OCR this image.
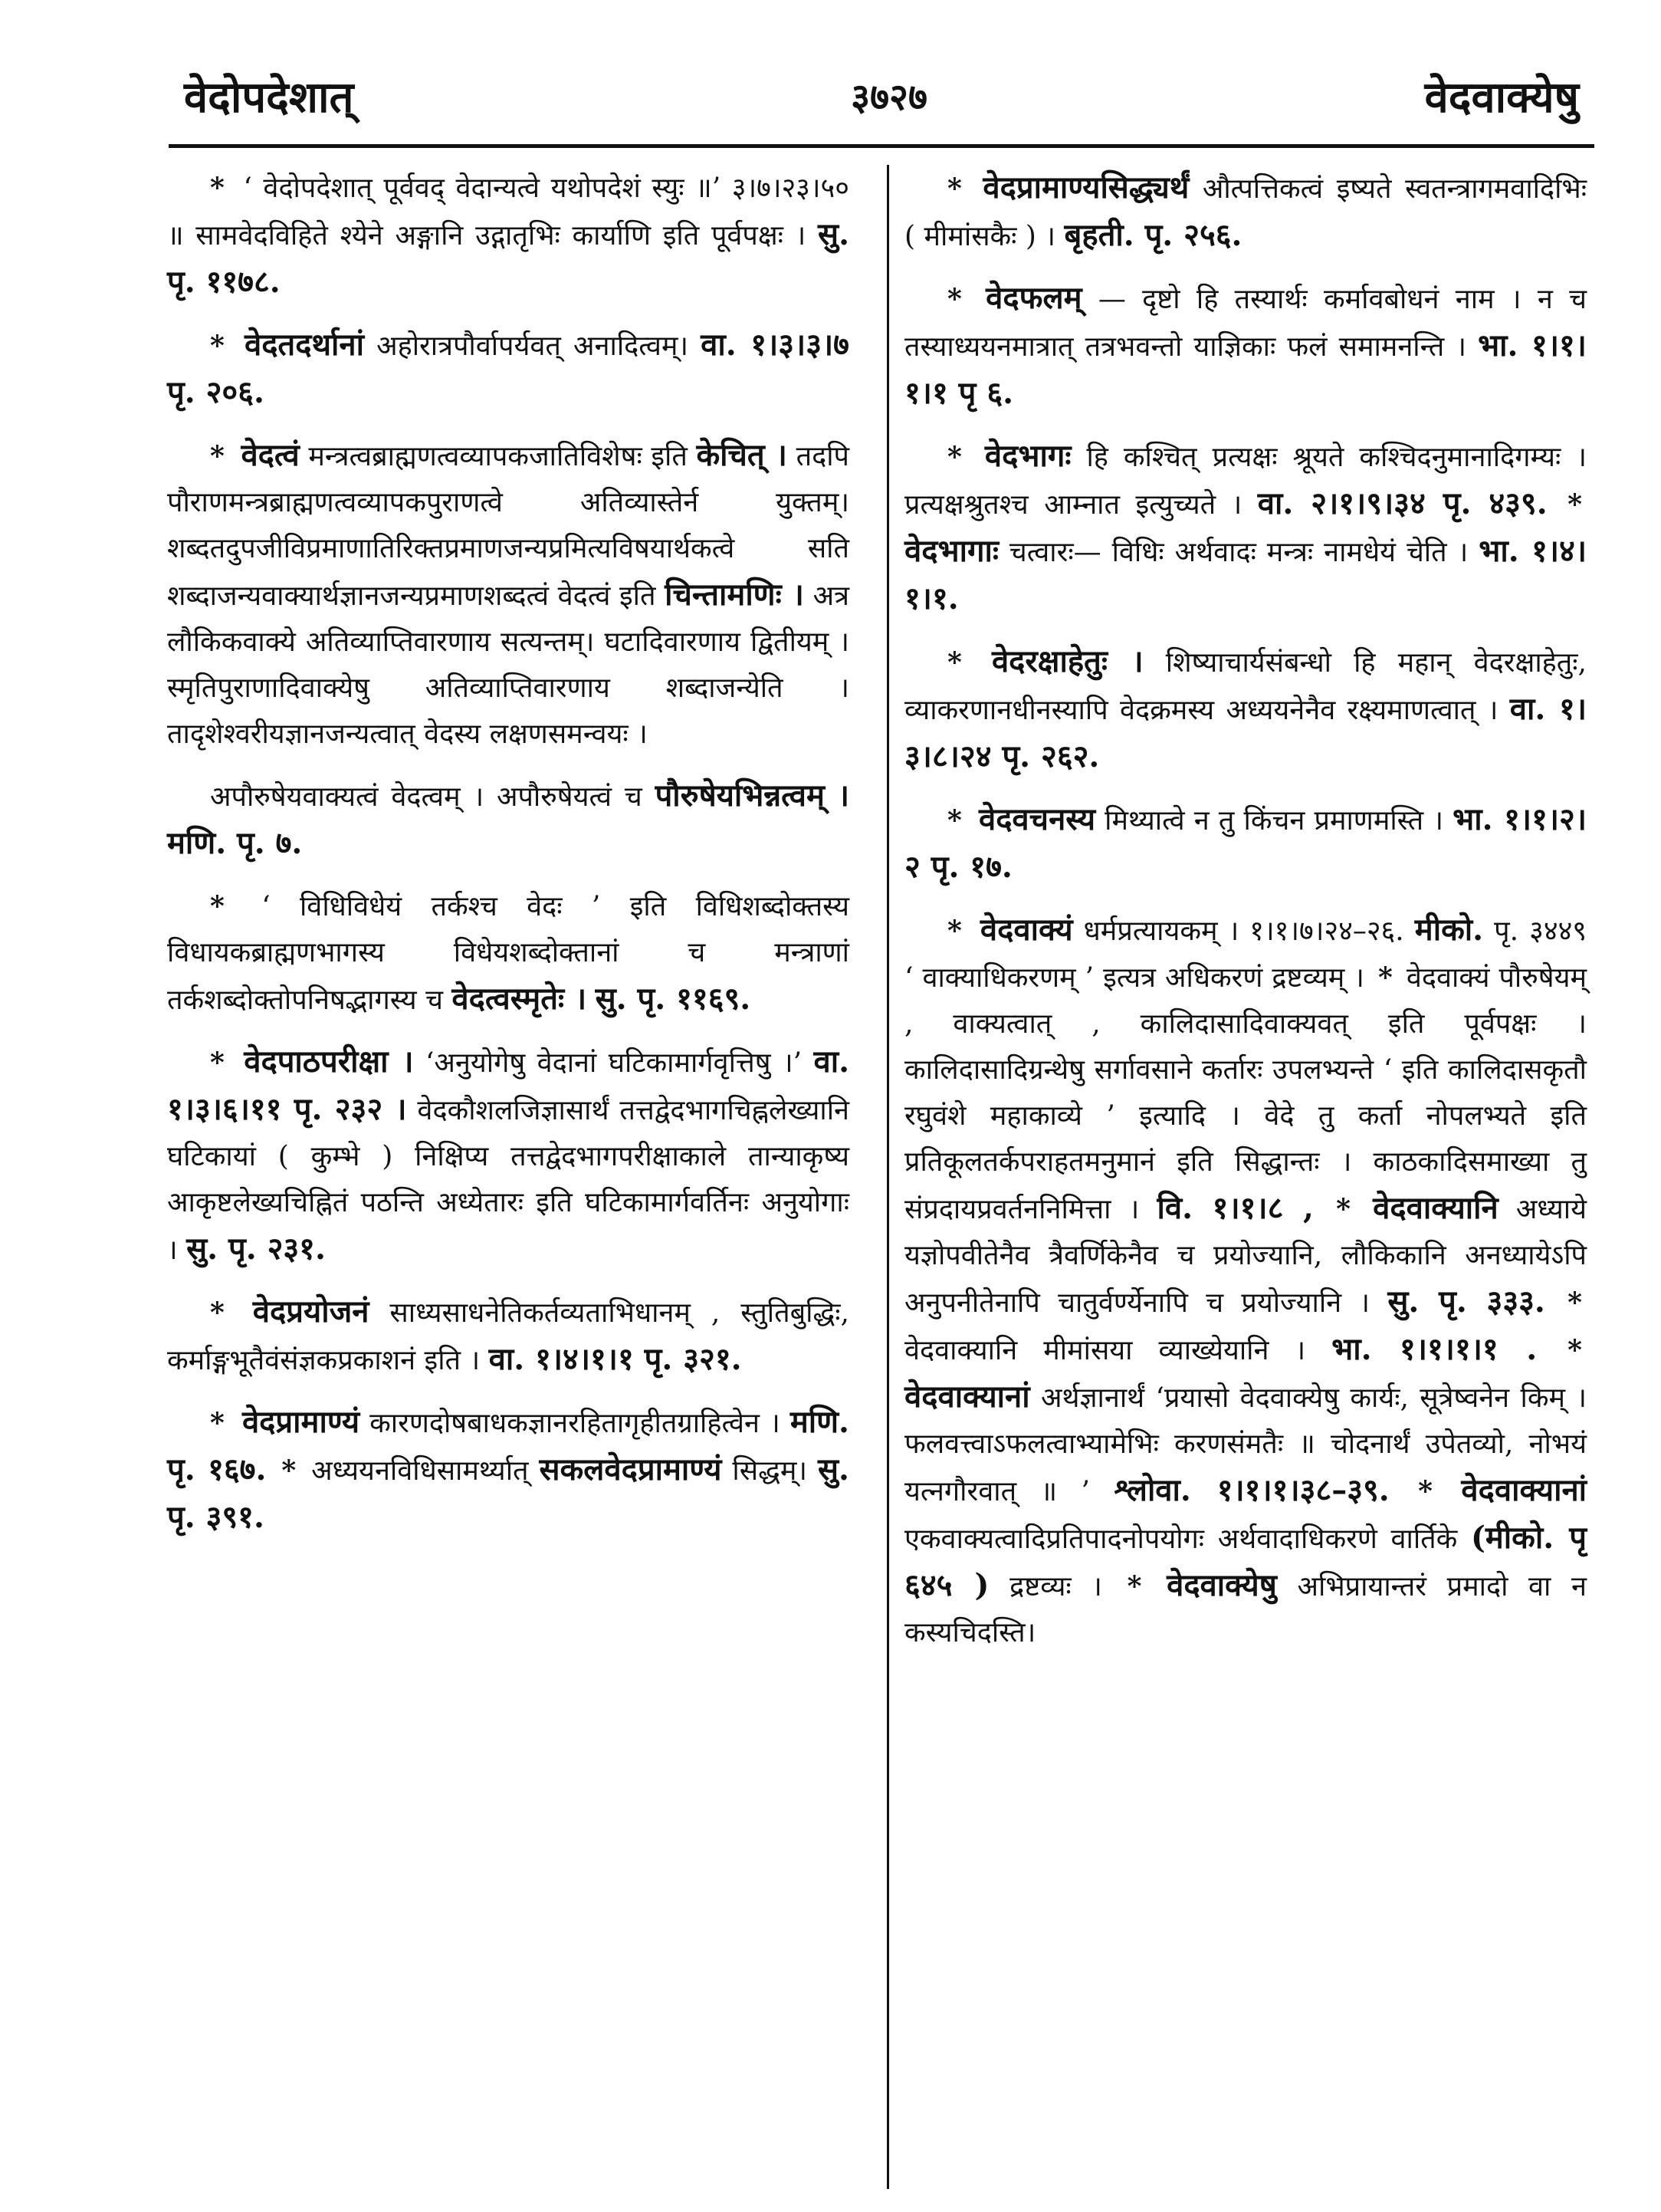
वेदोपदेशात्	३७२७	वेदवाक्येषु

* ‘ वेदोपदेशात् पूर्ववद् वेदान्यत्वे यथोपदेशं स्युः ॥’ ३।७।२३।५० ॥ सामवेदविहिते श्येने अङ्गानि उद्गातृभिः कार्याणि इति पूर्वपक्षः । सु. पृ. ११७८.

* वेदतदर्थानां अहोरात्रपौर्वापर्यवत् अनादित्वम्। वा. १।३।३।७ पृ. २०६.

* वेदत्वं मन्त्रत्वब्राह्मणत्वव्यापकजातिविशेषः इति केचित् । तदपि पौराणमन्त्रब्राह्मणत्वव्यापकपुराणत्वे अतिव्यास्तेर्न युक्तम्। शब्दतदुपजीविप्रमाणातिरिक्तप्रमाणजन्यप्रमित्यविषयार्थकत्वे सति शब्दाजन्यवाक्यार्थज्ञानजन्यप्रमाणशब्दत्वं वेदत्वं इति चिन्तामणिः । अत्र लौकिकवाक्ये अतिव्याप्तिवारणाय सत्यन्तम्। घटादिवारणाय द्वितीयम् । स्मृतिपुराणादिवाक्येषु अतिव्याप्तिवारणाय शब्दाजन्येति । तादृशेश्वरीयज्ञानजन्यत्वात् वेदस्य लक्षणसमन्वयः ।

अपौरुषेयवाक्यत्वं वेदत्वम् । अपौरुषेयत्वं च पौरुषेयभिन्नत्वम् । मणि. पृ. ७.

* ‘ विधिविधेयं तर्कश्च वेदः ’ इति विधिशब्दोक्तस्य विधायकब्राह्मणभागस्य विधेयशब्दोक्तानां च मन्त्राणां तर्कशब्दोक्तोपनिषद्भागस्य च वेदत्वस्मृतेः । सु. पृ. ११६९.

* वेदपाठपरीक्षा । ‘अनुयोगेषु वेदानां घटिकामार्गवृत्तिषु ।’ वा. १।३।६।११ पृ. २३२ । वेदकौशलजिज्ञासार्थं तत्तद्वेदभागचिह्नलेख्यानि घटिकायां ( कुम्भे ) निक्षिप्य तत्तद्वेदभागपरीक्षाकाले तान्याकृष्य आकृष्टलेख्यचिह्नितं पठन्ति अध्येतारः इति घटिकामार्गवर्तिनः अनुयोगाः । सु. पृ. २३१.

* वेदप्रयोजनं साध्यसाधनेतिकर्तव्यताभिधानम् , स्तुतिबुद्धिः, कर्माङ्गभूतैवंसंज्ञकप्रकाशनं इति । वा. १।४।१।१ पृ. ३२१.

* वेदप्रामाण्यं कारणदोषबाधकज्ञानरहितागृहीतग्राहित्वेन । मणि. पृ. १६७. * अध्ययनविधिसामर्थ्यात् सकलवेदप्रामाण्यं सिद्धम्। सु. पृ. ३९१.

* वेदप्रामाण्यसिद्ध्यर्थं औत्पत्तिकत्वं इष्यते स्वतन्त्रागमवादिभिः ( मीमांसकैः ) । बृहती. पृ. २५६.

* वेदफलम् — दृष्टो हि तस्यार्थः कर्मावबोधनं नाम । न च तस्याध्ययनमात्रात् तत्रभवन्तो याज्ञिकाः फलं समामनन्ति । भा. १।१।१।१ पृ ६.

* वेदभागः हि कश्चित् प्रत्यक्षः श्रूयते कश्चिदनुमानादिगम्यः । प्रत्यक्षश्रुतश्च आम्नात इत्युच्यते । वा. २।१।९।३४ पृ. ४३९. * वेदभागाः चत्वारः— विधिः अर्थवादः मन्त्रः नामधेयं चेति । भा. १।४।१।१.

* वेदरक्षाहेतुः । शिष्याचार्यसंबन्धो हि महान् वेदरक्षाहेतुः, व्याकरणानधीनस्यापि वेदक्रमस्य अध्ययनेनैव रक्ष्यमाणत्वात् । वा. १।३।८।२४ पृ. २६२.

* वेदवचनस्य मिथ्यात्वे न तु किंचन प्रमाणमस्ति । भा. १।१।२।२ पृ. १७.

* वेदवाक्यं धर्मप्रत्यायकम् । १।१।७।२४–२६. मीको. पृ. ३४४९ ‘ वाक्याधिकरणम् ’ इत्यत्र अधिकरणं द्रष्टव्यम् । * वेदवाक्यं पौरुषेयम् , वाक्यत्वात् , कालिदासादिवाक्यवत् इति पूर्वपक्षः । कालिदासादिग्रन्थेषु सर्गावसाने कर्तारः उपलभ्यन्ते ‘ इति कालिदासकृतौ रघुवंशे महाकाव्ये ’ इत्यादि । वेदे तु कर्ता नोपलभ्यते इति प्रतिकूलतर्कपराहतमनुमानं इति सिद्धान्तः । काठकादिसमाख्या तु संप्रदायप्रवर्तननिमित्ता । वि. १।१।८ , * वेदवाक्यानि अध्याये यज्ञोपवीतेनैव त्रैवर्णिकेनैव च प्रयोज्यानि, लौकिकानि अनध्यायेऽपि अनुपनीतेनापि चातुर्वर्ण्येनापि च प्रयोज्यानि । सु. पृ. ३३३. * वेदवाक्यानि मीमांसया व्याख्येयानि । भा. १।१।१।१ . * वेदवाक्यानां अर्थज्ञानार्थं ‘प्रयासो वेदवाक्येषु कार्यः, सूत्रेष्वनेन किम् । फलवत्त्वाऽफलत्वाभ्यामेभिः करणसंमतैः ॥ चोदनार्थं उपेतव्यो, नोभयं यत्नगौरवात् ॥ ’ श्लोवा. १।१।१।३८–३९. * वेदवाक्यानां एकवाक्यत्वादिप्रतिपादनोपयोगः अर्थवादाधिकरणे वार्तिके (मीको. पृ ६४५ ) द्रष्टव्यः । * वेदवाक्येषु अभिप्रायान्तरं प्रमादो वा न कस्यचिदस्ति।
